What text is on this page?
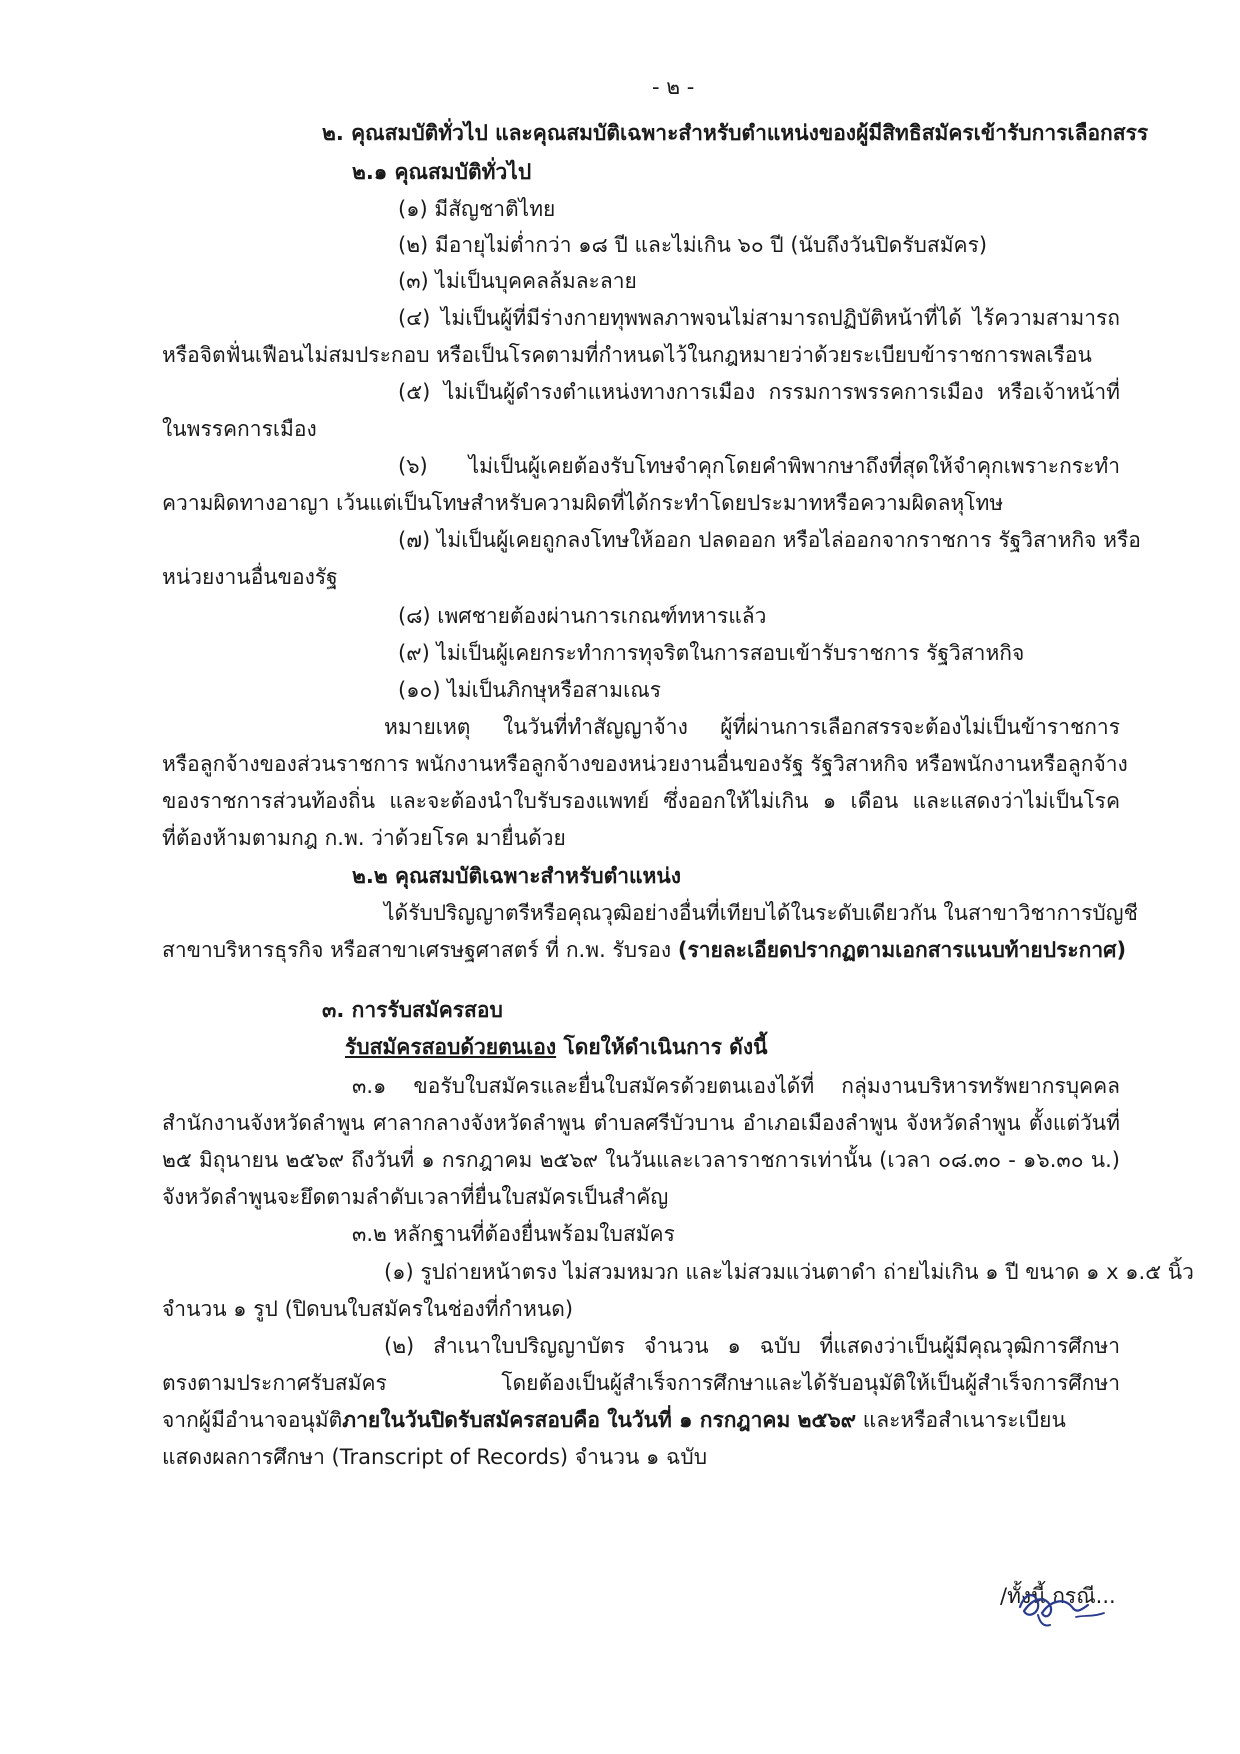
- ๒ -
๒. คุณสมบัติทั่วไป และคุณสมบัติเฉพาะสำหรับตำแหน่งของผู้มีสิทธิสมัครเข้ารับการเลือกสรร
๒.๑ คุณสมบัติทั่วไป
(๑) มีสัญชาติไทย
(๒) มีอายุไม่ต่ำกว่า ๑๘ ปี และไม่เกิน ๖๐ ปี (นับถึงวันปิดรับสมัคร)
(๓) ไม่เป็นบุคคลล้มละลาย
(๔) ไม่เป็นผู้ที่มีร่างกายทุพพลภาพจนไม่สามารถปฏิบัติหน้าที่ได้ ไร้ความสามารถ
หรือจิตฟั่นเฟือนไม่สมประกอบ หรือเป็นโรคตามที่กำหนดไว้ในกฎหมายว่าด้วยระเบียบข้าราชการพลเรือน
(๕) ไม่เป็นผู้ดำรงตำแหน่งทางการเมือง กรรมการพรรคการเมือง หรือเจ้าหน้าที่
ในพรรคการเมือง
(๖) ไม่เป็นผู้เคยต้องรับโทษจำคุกโดยคำพิพากษาถึงที่สุดให้จำคุกเพราะกระทำ
ความผิดทางอาญา เว้นแต่เป็นโทษสำหรับความผิดที่ได้กระทำโดยประมาทหรือความผิดลหุโทษ
(๗) ไม่เป็นผู้เคยถูกลงโทษให้ออก ปลดออก หรือไล่ออกจากราชการ รัฐวิสาหกิจ หรือ
หน่วยงานอื่นของรัฐ
(๘) เพศชายต้องผ่านการเกณฑ์ทหารแล้ว
(๙) ไม่เป็นผู้เคยกระทำการทุจริตในการสอบเข้ารับราชการ รัฐวิสาหกิจ
(๑๐) ไม่เป็นภิกษุหรือสามเณร
หมายเหตุ ในวันที่ทำสัญญาจ้าง ผู้ที่ผ่านการเลือกสรรจะต้องไม่เป็นข้าราชการ
หรือลูกจ้างของส่วนราชการ พนักงานหรือลูกจ้างของหน่วยงานอื่นของรัฐ รัฐวิสาหกิจ หรือพนักงานหรือลูกจ้าง
ของราชการส่วนท้องถิ่น และจะต้องนำใบรับรองแพทย์ ซึ่งออกให้ไม่เกิน ๑ เดือน และแสดงว่าไม่เป็นโรค
ที่ต้องห้ามตามกฎ ก.พ. ว่าด้วยโรค มายื่นด้วย
๒.๒ คุณสมบัติเฉพาะสำหรับตำแหน่ง
ได้รับปริญญาตรีหรือคุณวุฒิอย่างอื่นที่เทียบได้ในระดับเดียวกัน ในสาขาวิชาการบัญชี
สาขาบริหารธุรกิจ หรือสาขาเศรษฐศาสตร์ ที่ ก.พ. รับรอง (รายละเอียดปรากฏตามเอกสารแนบท้ายประกาศ)
๓. การรับสมัครสอบ
รับสมัครสอบด้วยตนเอง โดยให้ดำเนินการ ดังนี้
๓.๑ ขอรับใบสมัครและยื่นใบสมัครด้วยตนเองได้ที่ กลุ่มงานบริหารทรัพยากรบุคคล
สำนักงานจังหวัดลำพูน ศาลากลางจังหวัดลำพูน ตำบลศรีบัวบาน อำเภอเมืองลำพูน จังหวัดลำพูน ตั้งแต่วันที่
๒๕ มิถุนายน ๒๕๖๙ ถึงวันที่ ๑ กรกฎาคม ๒๕๖๙ ในวันและเวลาราชการเท่านั้น (เวลา ๐๘.๓๐ - ๑๖.๓๐ น.)
จังหวัดลำพูนจะยึดตามลำดับเวลาที่ยื่นใบสมัครเป็นสำคัญ
๓.๒ หลักฐานที่ต้องยื่นพร้อมใบสมัคร
(๑) รูปถ่ายหน้าตรง ไม่สวมหมวก และไม่สวมแว่นตาดำ ถ่ายไม่เกิน ๑ ปี ขนาด ๑ x ๑.๕ นิ้ว
จำนวน ๑ รูป (ปิดบนใบสมัครในช่องที่กำหนด)
(๒) สำเนาใบปริญญาบัตร จำนวน ๑ ฉบับ ที่แสดงว่าเป็นผู้มีคุณวุฒิการศึกษา
ตรงตามประกาศรับสมัคร โดยต้องเป็นผู้สำเร็จการศึกษาและได้รับอนุมัติให้เป็นผู้สำเร็จการศึกษา
จากผู้มีอำนาจอนุมัติภายในวันปิดรับสมัครสอบคือ ในวันที่ ๑ กรกฎาคม ๒๕๖๙ และหรือสำเนาระเบียน
แสดงผลการศึกษา (Transcript of Records) จำนวน ๑ ฉบับ
/ทั้งนี้ กรณี...
